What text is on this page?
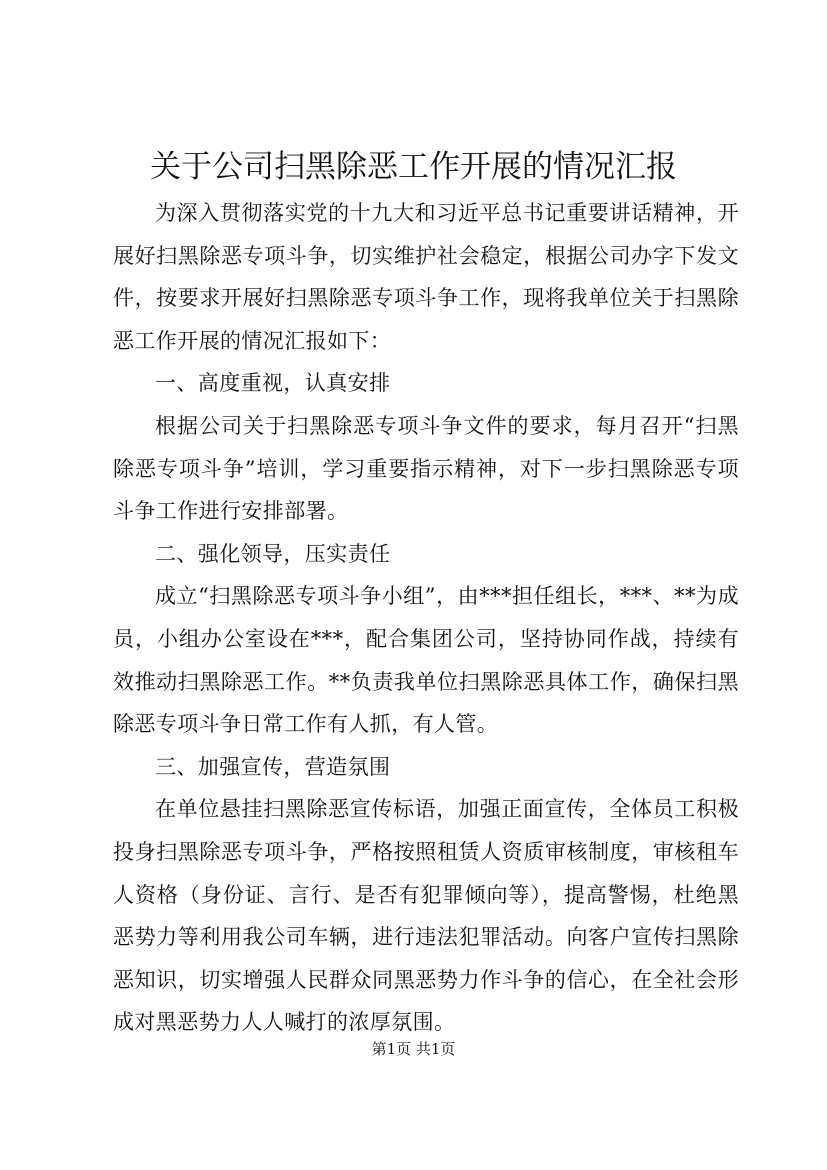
关于公司扫黑除恶工作开展的情况汇报

为深入贯彻落实党的十九大和习近平总书记重要讲话精神，开展好扫黑除恶专项斗争，切实维护社会稳定，根据公司办字下发文件，按要求开展好扫黑除恶专项斗争工作，现将我单位关于扫黑除恶工作开展的情况汇报如下：

一、高度重视，认真安排

根据公司关于扫黑除恶专项斗争文件的要求，每月召开“扫黑除恶专项斗争”培训，学习重要指示精神，对下一步扫黑除恶专项斗争工作进行安排部署。

二、强化领导，压实责任

成立“扫黑除恶专项斗争小组”，由***担任组长，***、**为成员，小组办公室设在***，配合集团公司，坚持协同作战，持续有效推动扫黑除恶工作。**负责我单位扫黑除恶具体工作，确保扫黑除恶专项斗争日常工作有人抓，有人管。

三、加强宣传，营造氛围

在单位悬挂扫黑除恶宣传标语，加强正面宣传，全体员工积极投身扫黑除恶专项斗争，严格按照租赁人资质审核制度，审核租车人资格（身份证、言行、是否有犯罪倾向等），提高警惕，杜绝黑恶势力等利用我公司车辆，进行违法犯罪活动。向客户宣传扫黑除恶知识，切实增强人民群众同黑恶势力作斗争的信心，在全社会形成对黑恶势力人人喊打的浓厚氛围。

第1页 共1页
